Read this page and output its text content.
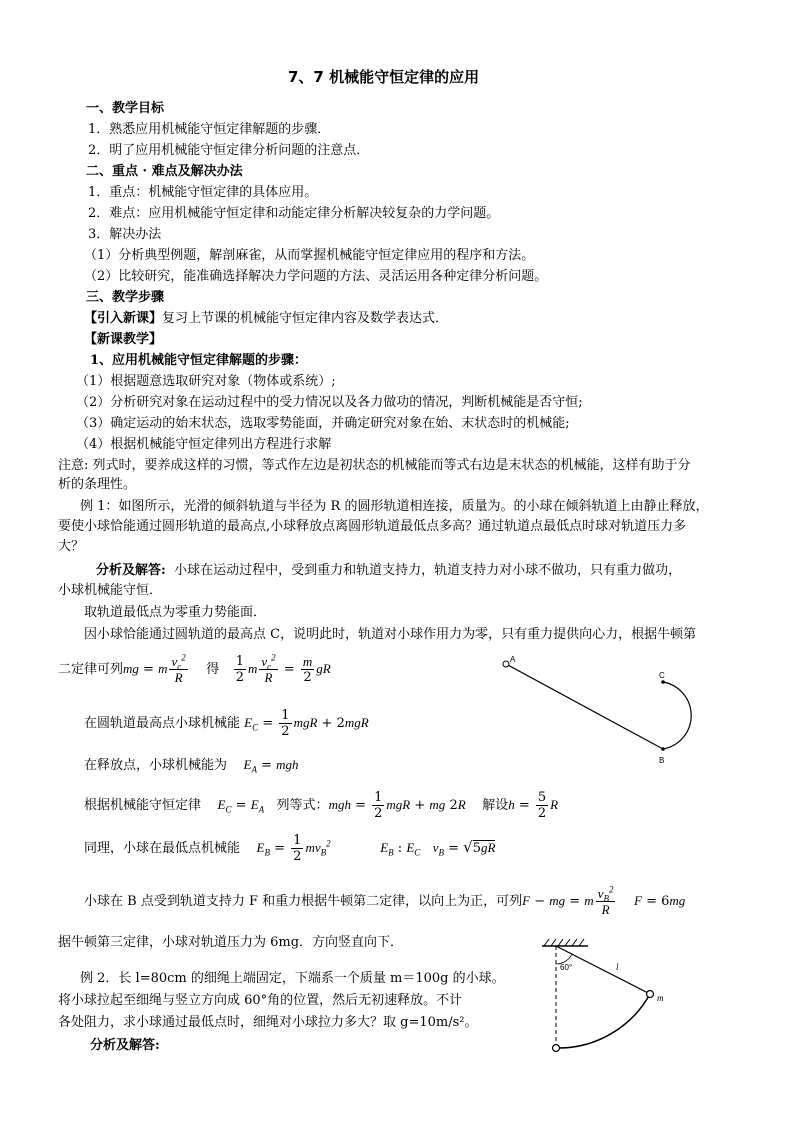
7、7 机械能守恒定律的应用
一、教学目标
1．熟悉应用机械能守恒定律解题的步骤．
2．明了应用机械能守恒定律分析问题的注意点．
二、重点 · 难点及解决办法
1．重点：机械能守恒定律的具体应用。
2．难点：应用机械能守恒定律和动能定律分析解决较复杂的力学问题。
3．解决办法
（1）分析典型例题，解剖麻雀，从而掌握机械能守恒定律应用的程序和方法。
（2）比较研究，能准确选择解决力学问题的方法、灵活运用各种定律分析问题。
三、教学步骤
【引入新课】复习上节课的机械能守恒定律内容及数学表达式．
【新课教学】
1、应用机械能守恒定律解题的步骤：
（1）根据题意选取研究对象（物体或系统）;
（2）分析研究对象在运动过程中的受力情况以及各力做功的情况，判断机械能是否守恒;
（3）确定运动的始末状态，选取零势能面，并确定研究对象在始、末状态时的机械能;
（4）根据机械能守恒定律列出方程进行求解
注意: 列式时，要养成这样的习惯，等式作左边是初状态的机械能而等式右边是末状态的机械能，这样有助于分
析的条理性。
例 1：如图所示，光滑的倾斜轨道与半径为 R 的圆形轨道相连接，质量为。的小球在倾斜轨道上由静止释放，
要使小球恰能通过圆形轨道的最高点,小球释放点离圆形轨道最低点多高？通过轨道点最低点时球对轨道压力多
大？
分析及解答: 小球在运动过程中，受到重力和轨道支持力，轨道支持力对小球不做功，只有重力做功，
小球机械能守恒．
取轨道最低点为零重力势能面．
因小球恰能通过圆轨道的最高点 C，说明此时，轨道对小球作用力为零，只有重力提供向心力，根据牛顿第
二定律可列mg = m $\frac{v_c^2}{R}$ 得 $\frac{1}{2}$ m $\frac{v_c^2}{R} = \frac{m}{2}$ gR
在圆轨道最高点小球机械能 $E_C = \frac{1}{2}$ mgR + 2mgR
在释放点，小球机械能为 $E_A$ = mgh
根据机械能守恒定律 $E_C = E_A$ 列等式：mgh = $\frac{1}{2}$ mgR + mg 2R 解设$h = \frac{5}{2}$ R
同理，小球在最低点机械能 $E_B = \frac{1}{2} mv_B^2$	$E_B$ : $E_C$ $v_B = √5gR$
小球在 B 点受到轨道支持力 F 和重力根据牛顿第二定律，以向上为正，可列F − mg = m $\frac{v_B^2}{R}$ F = 6mg
据牛顿第三定律，小球对轨道压力为 6mg．方向竖直向下．
A
C
B
例 2．长 l=80cm 的细绳上端固定，下端系一个质量 m＝100g 的小球。
将小球拉起至细绳与竖立方向成 60°角的位置，然后无初速释放。不计
各处阻力，求小球通过最低点时，细绳对小球拉力多大？取 g=10m/s²。
分析及解答:
60°	l
m
